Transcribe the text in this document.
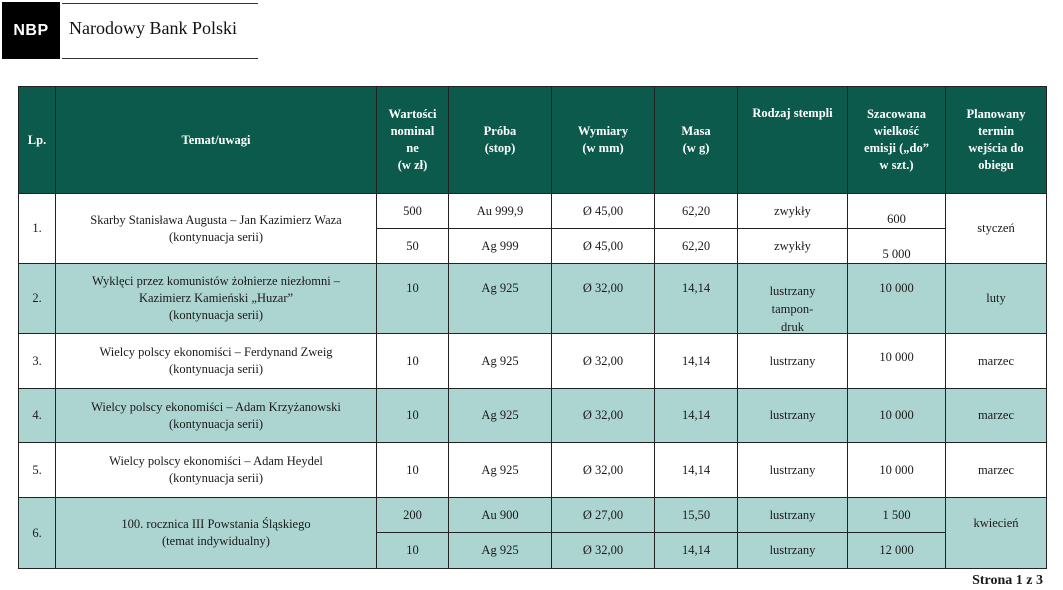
NBP	Narodowy Bank Polski
Lp.	Temat/uwagi	Wartości
nominal
ne
(w zł)	Próba
(stop)	Wymiary
(w mm)	Masa
(w g)	Rodzaj stempli	Szacowana
wielkość
emisji („do”
w szt.)	Planowany
termin
wejścia do
obiegu
1.	Skarby Stanisława Augusta – Jan Kazimierz Waza
(kontynuacja serii)	500	Au 999,9	Ø 45,00	62,20	zwykły	600	styczeń
		50	Ag 999	Ø 45,00	62,20	zwykły	5 000	
2.	Wyklęci przez komunistów żołnierze niezłomni –
Kazimierz Kamieński „Huzar”
(kontynuacja serii)	10	Ag 925	Ø 32,00	14,14	lustrzany
tampon-
druk	10 000	luty
3.	Wielcy polscy ekonomiści – Ferdynand Zweig
(kontynuacja serii)	10	Ag 925	Ø 32,00	14,14	lustrzany	10 000	marzec
4.	Wielcy polscy ekonomiści – Adam Krzyżanowski
(kontynuacja serii)	10	Ag 925	Ø 32,00	14,14	lustrzany	10 000	marzec
5.	Wielcy polscy ekonomiści – Adam Heydel
(kontynuacja serii)	10	Ag 925	Ø 32,00	14,14	lustrzany	10 000	marzec
6.	100. rocznica III Powstania Śląskiego
(temat indywidualny)	200	Au 900	Ø 27,00	15,50	lustrzany	1 500	kwiecień
		10	Ag 925	Ø 32,00	14,14	lustrzany	12 000	
Strona 1 z 3
